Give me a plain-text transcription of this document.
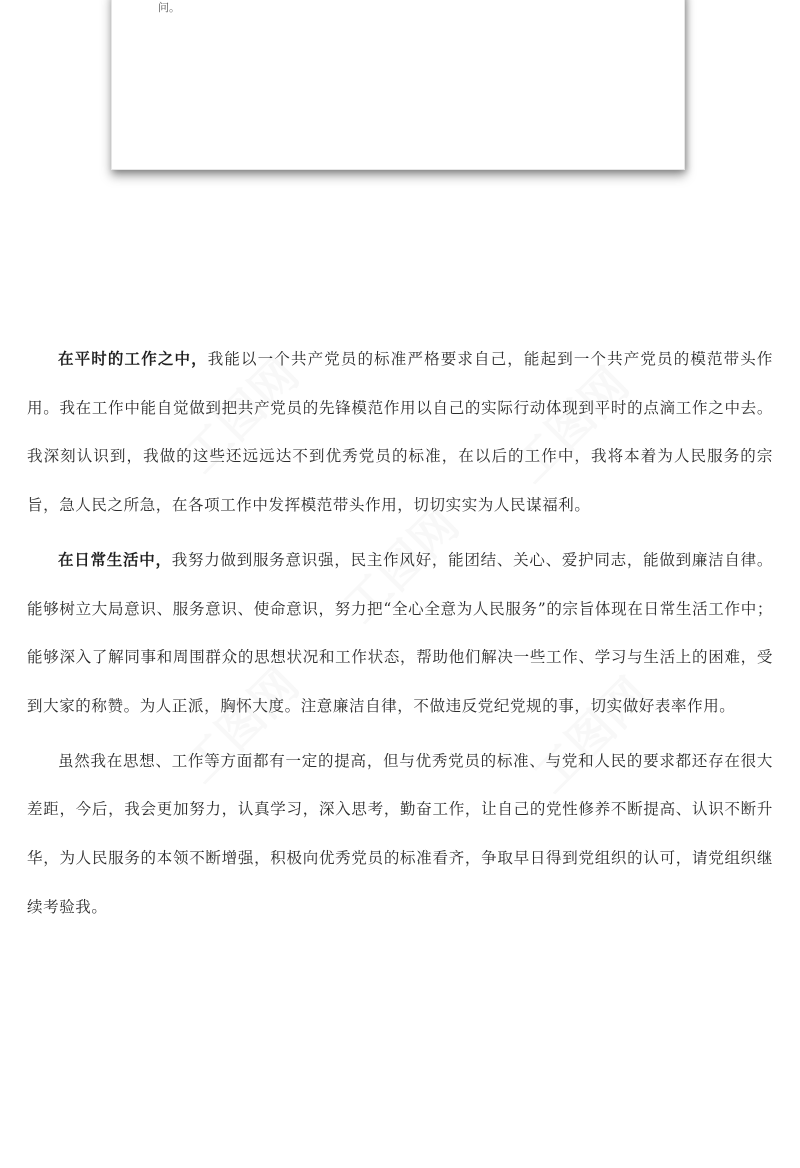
问。
工图网	工图网
工图网
工图网	工图网

在平时的工作之中，我能以一个共产党员的标准严格要求自己，能起到一个共产党员的模范带头作用。我在工作中能自觉做到把共产党员的先锋模范作用以自己的实际行动体现到平时的点滴工作之中去。我深刻认识到，我做的这些还远远达不到优秀党员的标准，在以后的工作中，我将本着为人民服务的宗旨，急人民之所急，在各项工作中发挥模范带头作用，切切实实为人民谋福利。

在日常生活中，我努力做到服务意识强，民主作风好，能团结、关心、爱护同志，能做到廉洁自律。能够树立大局意识、服务意识、使命意识，努力把“全心全意为人民服务”的宗旨体现在日常生活工作中；能够深入了解同事和周围群众的思想状况和工作状态，帮助他们解决一些工作、学习与生活上的困难，受到大家的称赞。为人正派，胸怀大度。注意廉洁自律，不做违反党纪党规的事，切实做好表率作用。

虽然我在思想、工作等方面都有一定的提高，但与优秀党员的标准、与党和人民的要求都还存在很大差距，今后，我会更加努力，认真学习，深入思考，勤奋工作，让自己的党性修养不断提高、认识不断升华，为人民服务的本领不断增强，积极向优秀党员的标准看齐，争取早日得到党组织的认可，请党组织继续考验我。
